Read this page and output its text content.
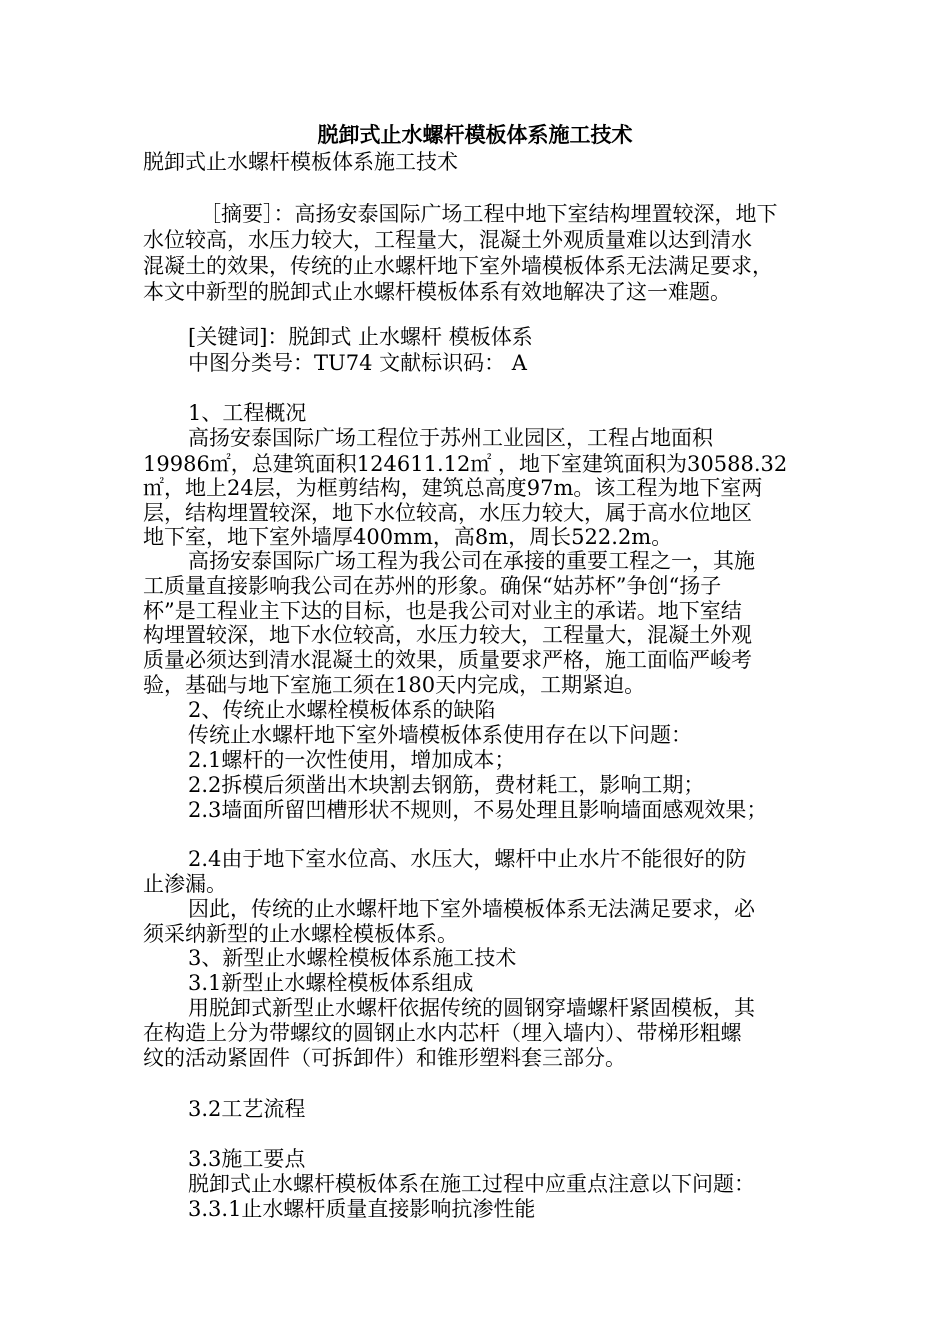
脱卸式止水螺杆模板体系施工技术

脱卸式止水螺杆模板体系施工技术

［摘要］：高扬安泰国际广场工程中地下室结构埋置较深，地下

水位较高，水压力较大，工程量大，混凝土外观质量难以达到清水

混凝土的效果，传统的止水螺杆地下室外墙模板体系无法满足要求，

本文中新型的脱卸式止水螺杆模板体系有效地解决了这一难题。

[关键词]：脱卸式 止水螺杆 模板体系

中图分类号：TU74 文献标识码： A

1、工程概况

高扬安泰国际广场工程位于苏州工业园区，工程占地面积

19986㎡，总建筑面积124611.12㎡ ，地下室建筑面积为30588.32

㎡，地上24层，为框剪结构，建筑总高度97m。该工程为地下室两

层，结构埋置较深，地下水位较高，水压力较大，属于高水位地区

地下室，地下室外墙厚400mm，高8m，周长522.2m。

高扬安泰国际广场工程为我公司在承接的重要工程之一，其施

工质量直接影响我公司在苏州的形象。确保“姑苏杯”争创“扬子

杯”是工程业主下达的目标，也是我公司对业主的承诺。地下室结

构埋置较深，地下水位较高，水压力较大，工程量大，混凝土外观

质量必须达到清水混凝土的效果，质量要求严格，施工面临严峻考

验，基础与地下室施工须在180天内完成，工期紧迫。

2、传统止水螺栓模板体系的缺陷

传统止水螺杆地下室外墙模板体系使用存在以下问题：

2.1螺杆的一次性使用，增加成本；

2.2拆模后须凿出木块割去钢筋，费材耗工，影响工期；

2.3墙面所留凹槽形状不规则，不易处理且影响墙面感观效果；

2.4由于地下室水位高、水压大，螺杆中止水片不能很好的防

止渗漏。

因此，传统的止水螺杆地下室外墙模板体系无法满足要求，必

须采纳新型的止水螺栓模板体系。

3、新型止水螺栓模板体系施工技术

3.1新型止水螺栓模板体系组成

用脱卸式新型止水螺杆依据传统的圆钢穿墙螺杆紧固模板，其

在构造上分为带螺纹的圆钢止水内芯杆（埋入墙内）、带梯形粗螺

纹的活动紧固件（可拆卸件）和锥形塑料套三部分。

3.2工艺流程

3.3施工要点

脱卸式止水螺杆模板体系在施工过程中应重点注意以下问题：

3.3.1止水螺杆质量直接影响抗渗性能
